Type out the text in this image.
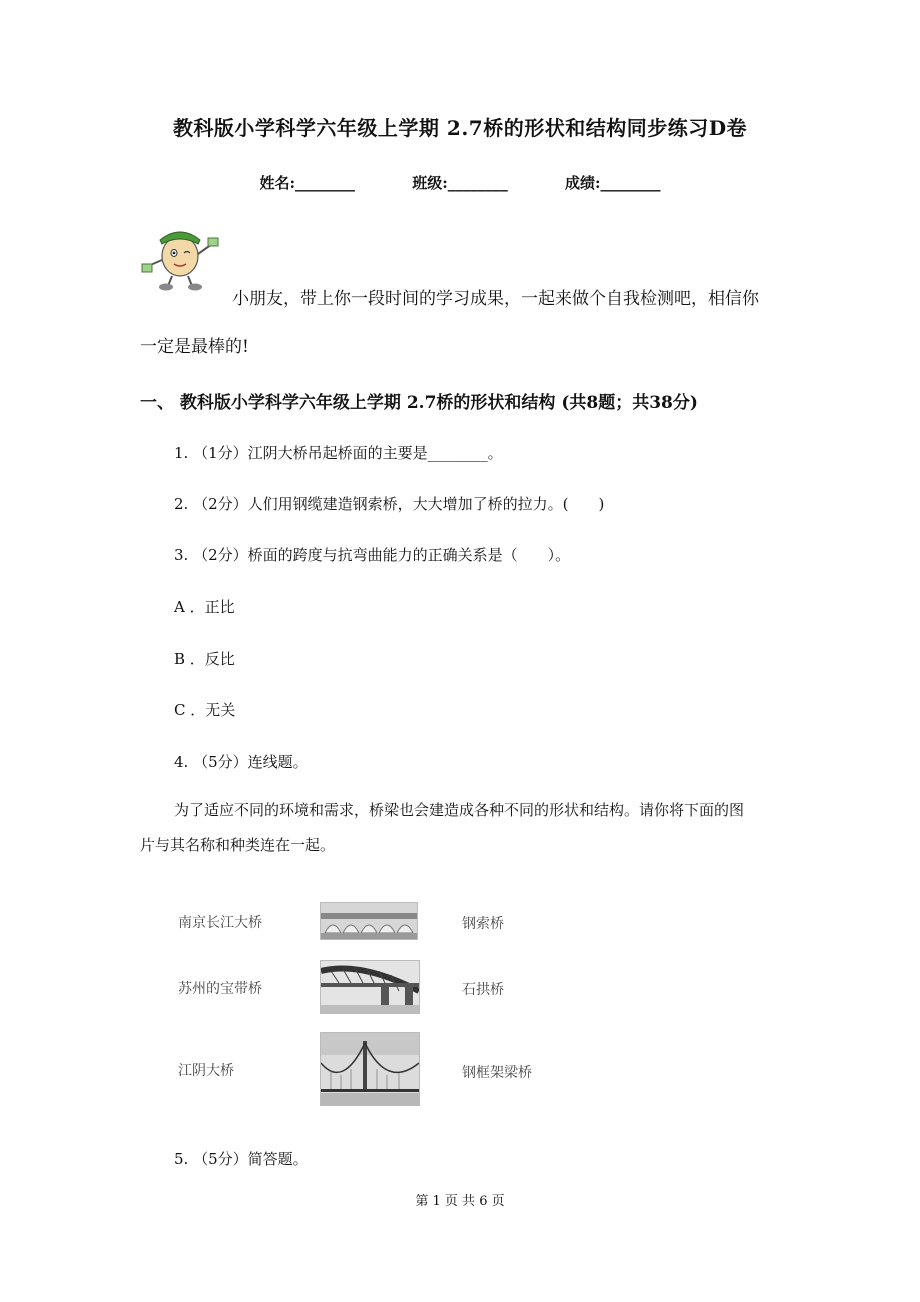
教科版小学科学六年级上学期 2.7桥的形状和结构同步练习D卷
姓名:________	班级:________	成绩:________
小朋友，带上你一段时间的学习成果，一起来做个自我检测吧，相信你
一定是最棒的!
一、 教科版小学科学六年级上学期 2.7桥的形状和结构 (共8题；共38分)
1. （1分）江阴大桥吊起桥面的主要是________。
2. （2分）人们用钢缆建造钢索桥，大大增加了桥的拉力。(　　)
3. （2分）桥面的跨度与抗弯曲能力的正确关系是（　　）。
A ．正比
B ．反比
C ．无关
4. （5分）连线题。
为了适应不同的环境和需求，桥梁也会建造成各种不同的形状和结构。请你将下面的图
片与其名称和种类连在一起。
南京长江大桥
苏州的宝带桥
江阴大桥
钢索桥
石拱桥
钢框架梁桥
5. （5分）简答题。
第 1 页 共 6 页
